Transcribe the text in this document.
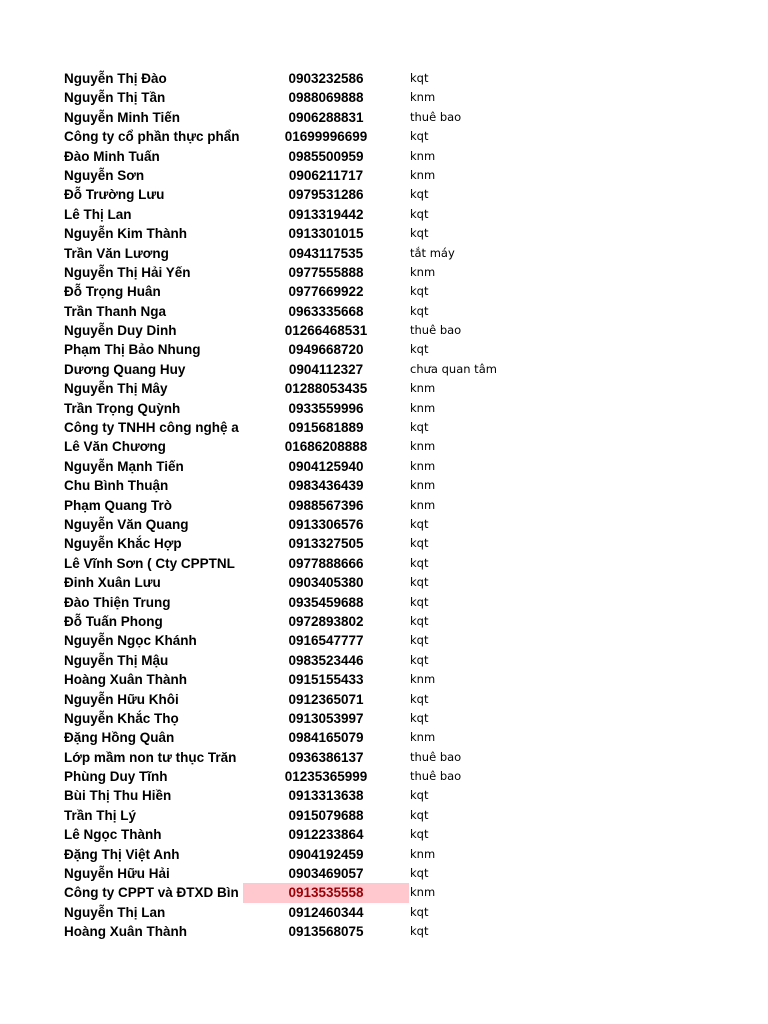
Nguyễn Thị Đào	0903232586	kqt
Nguyễn Thị Tần	0988069888	knm
Nguyễn Minh Tiến	0906288831	thuê bao
Công ty cổ phần thực phẩn	01699996699	kqt
Đào Minh Tuấn	0985500959	knm
Nguyễn Sơn	0906211717	knm
Đỗ Trường Lưu	0979531286	kqt
Lê Thị Lan	0913319442	kqt
Nguyễn Kim Thành	0913301015	kqt
Trần Văn Lương	0943117535	tắt máy
Nguyễn Thị Hải Yến	0977555888	knm
Đỗ Trọng Huân	0977669922	kqt
Trần Thanh Nga	0963335668	kqt
Nguyễn Duy Dinh	01266468531	thuê bao
Phạm Thị Bảo Nhung	0949668720	kqt
Dương Quang Huy	0904112327	chưa quan tâm
Nguyễn Thị Mây	01288053435	knm
Trần Trọng Quỳnh	0933559996	knm
Công ty TNHH công nghệ a	0915681889	kqt
Lê Văn Chương	01686208888	knm
Nguyễn Mạnh Tiến	0904125940	knm
Chu Bình Thuận	0983436439	knm
Phạm Quang Trò	0988567396	knm
Nguyễn Văn Quang	0913306576	kqt
Nguyễn Khắc Hợp	0913327505	kqt
Lê Vĩnh Sơn ( Cty CPPTNL	0977888666	kqt
Đinh Xuân Lưu	0903405380	kqt
Đào Thiện Trung	0935459688	kqt
Đỗ Tuấn Phong	0972893802	kqt
Nguyễn Ngọc Khánh	0916547777	kqt
Nguyễn Thị Mậu	0983523446	kqt
Hoàng Xuân Thành	0915155433	knm
Nguyễn Hữu Khôi	0912365071	kqt
Nguyễn Khắc Thọ	0913053997	kqt
Đặng Hồng Quân	0984165079	knm
Lớp mầm non tư thục Trăn	0936386137	thuê bao
Phùng Duy Tĩnh	01235365999	thuê bao
Bùi Thị Thu Hiền	0913313638	kqt
Trần Thị Lý	0915079688	kqt
Lê Ngọc Thành	0912233864	kqt
Đặng Thị Việt Anh	0904192459	knm
Nguyễn Hữu Hải	0903469057	kqt
Công ty CPPT và ĐTXD Bìn	0913535558	knm
Nguyễn Thị Lan	0912460344	kqt
Hoàng Xuân Thành	0913568075	kqt
